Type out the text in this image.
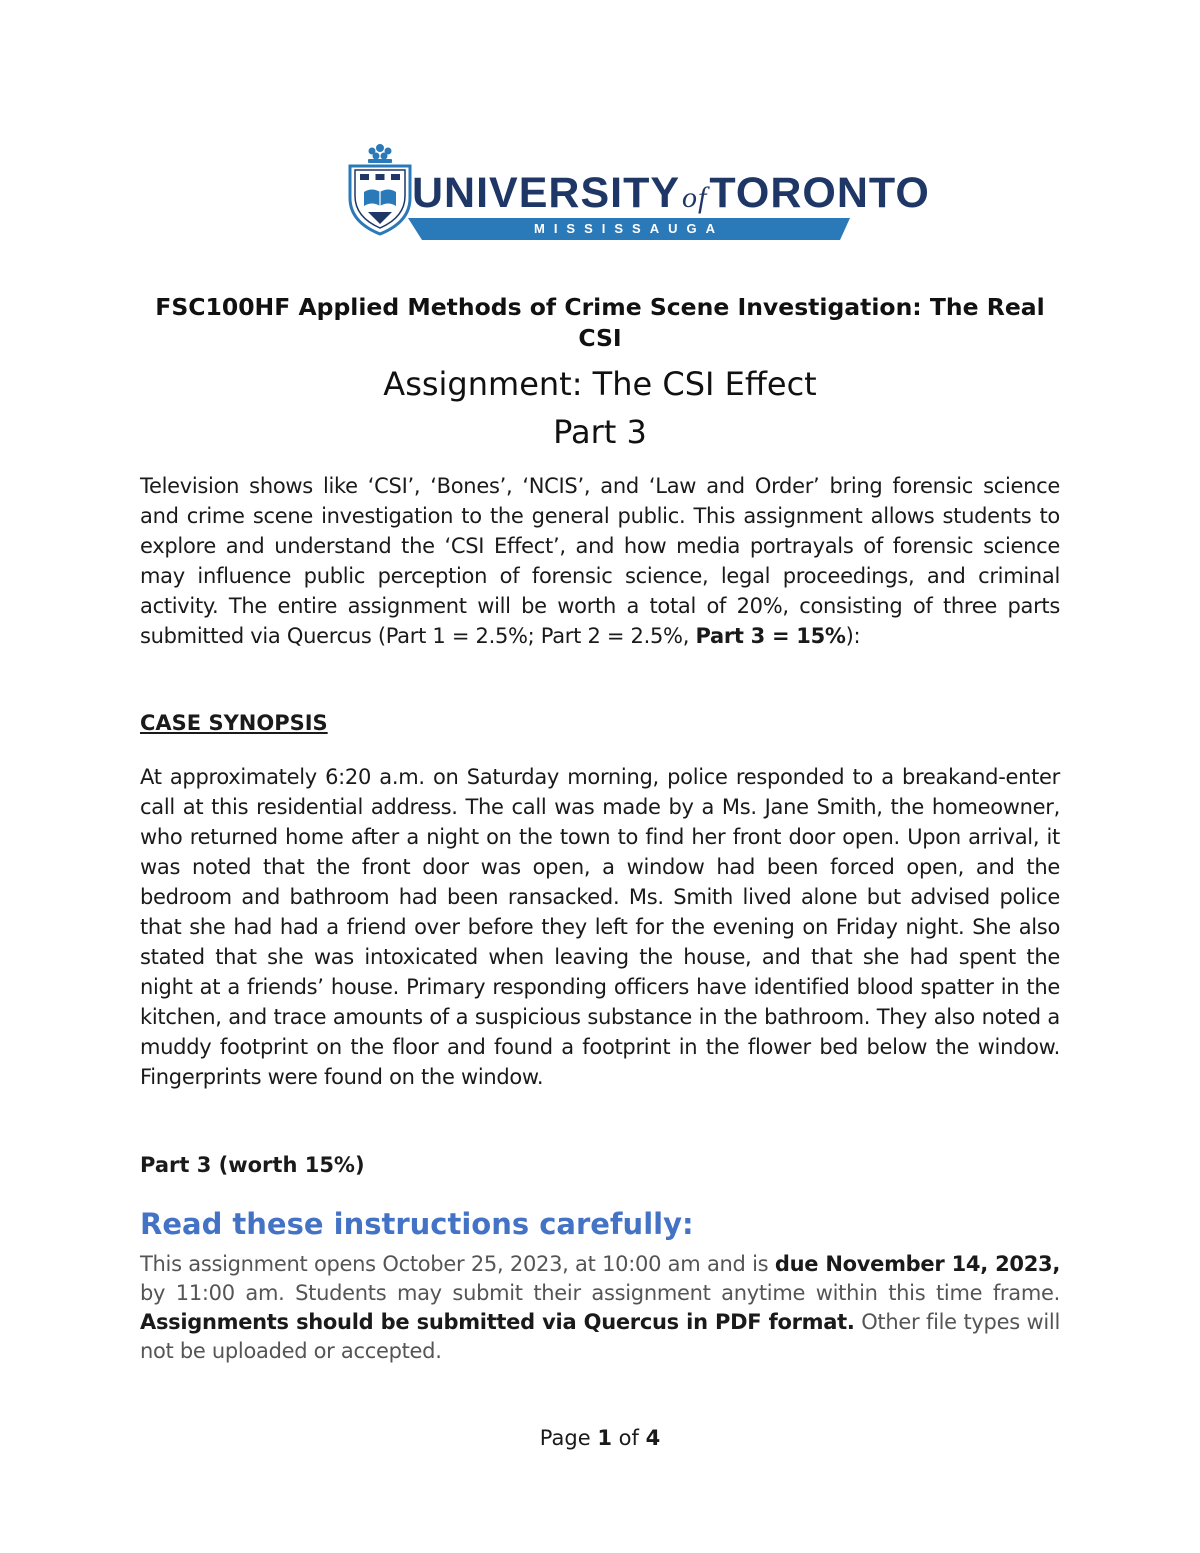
UNIVERSITYofTORONTO
MISSISSAUGA
FSC100HF Applied Methods of Crime Scene Investigation: The Real CSI
Assignment: The CSI Effect
Part 3
Television shows like ‘CSI’, ‘Bones’, ‘NCIS’, and ‘Law and Order’ bring forensic science and crime scene investigation to the general public. This assignment allows students to explore and understand the ‘CSI Effect’, and how media portrayals of forensic science may influence public perception of forensic science, legal proceedings, and criminal activity. The entire assignment will be worth a total of 20%, consisting of three parts submitted via Quercus (Part 1 = 2.5%; Part 2 = 2.5%, Part 3 = 15%):
CASE SYNOPSIS
At approximately 6:20 a.m. on Saturday morning, police responded to a breakand-enter call at this residential address. The call was made by a Ms. Jane Smith, the homeowner, who returned home after a night on the town to find her front door open. Upon arrival, it was noted that the front door was open, a window had been forced open, and the bedroom and bathroom had been ransacked. Ms. Smith lived alone but advised police that she had had a friend over before they left for the evening on Friday night. She also stated that she was intoxicated when leaving the house, and that she had spent the night at a friends’ house. Primary responding officers have identified blood spatter in the kitchen, and trace amounts of a suspicious substance in the bathroom. They also noted a muddy footprint on the floor and found a footprint in the flower bed below the window. Fingerprints were found on the window.
Part 3 (worth 15%)
Read these instructions carefully:
This assignment opens October 25, 2023, at 10:00 am and is due November 14, 2023, by 11:00 am. Students may submit their assignment anytime within this time frame. Assignments should be submitted via Quercus in PDF format. Other file types will not be uploaded or accepted.
Page 1 of 4
